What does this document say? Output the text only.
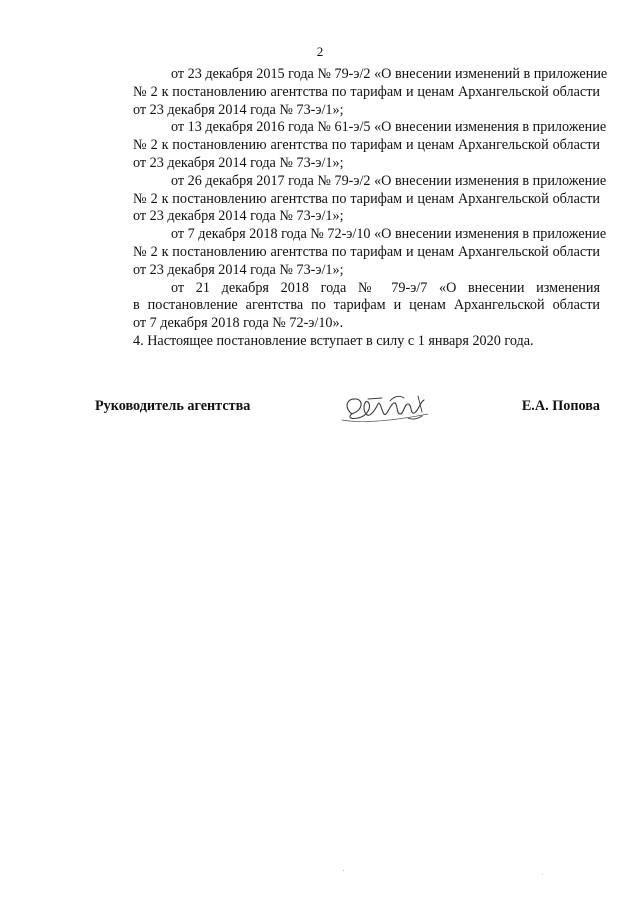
2

от 23 декабря 2015 года № 79-э/2 «О внесении изменений в приложение
№ 2 к постановлению агентства по тарифам и ценам Архангельской области
от 23 декабря 2014 года № 73-э/1»;

от 13 декабря 2016 года № 61-э/5 «О внесении изменения в приложение
№ 2 к постановлению агентства по тарифам и ценам Архангельской области
от 23 декабря 2014 года № 73-э/1»;

от 26 декабря 2017 года № 79-э/2 «О внесении изменения в приложение
№ 2 к постановлению агентства по тарифам и ценам Архангельской области
от 23 декабря 2014 года № 73-э/1»;

от 7 декабря 2018 года № 72-э/10 «О внесении изменения в приложение
№ 2 к постановлению агентства по тарифам и ценам Архангельской области
от 23 декабря 2014 года № 73-э/1»;

от 21 декабря 2018 года № 79-э/7 «О внесении изменения
в постановление агентства по тарифам и ценам Архангельской области
от 7 декабря 2018 года № 72-э/10».

4. Настоящее постановление вступает в силу с 1 января 2020 года.

Руководитель агентства	Е.А. Попова
